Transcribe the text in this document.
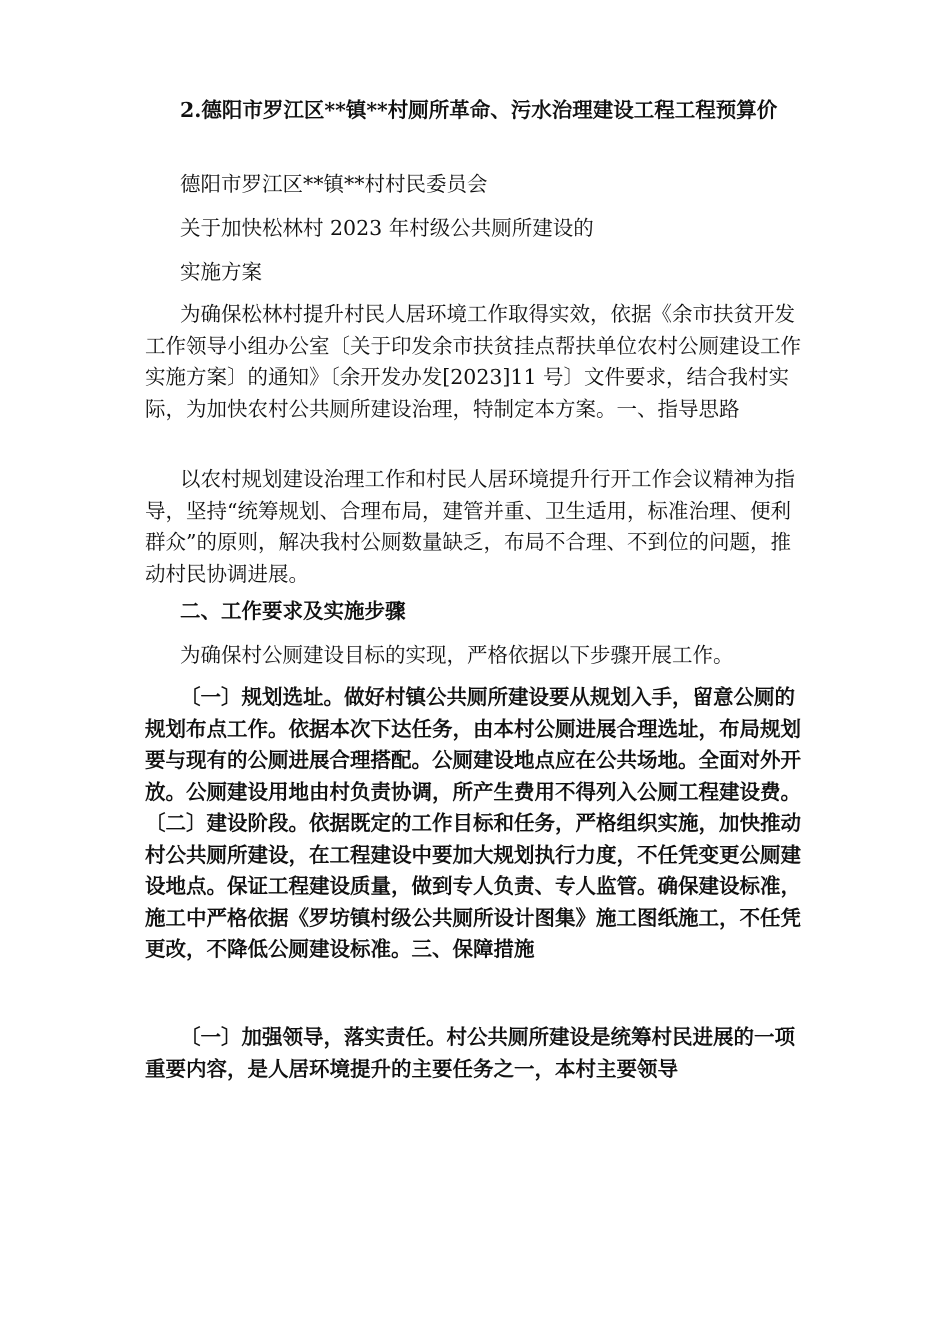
2.德阳市罗江区**镇**村厕所革命、污水治理建设工程工程预算价

德阳市罗江区**镇**村村民委员会

关于加快松林村 2023 年村级公共厕所建设的

实施方案

为确保松林村提升村民人居环境工作取得实效，依据《余市扶贫开发工作领导小组办公室〔关于印发余市扶贫挂点帮扶单位农村公厕建设工作实施方案〕的通知》〔余开发办发[2023]11 号〕文件要求，结合我村实际，为加快农村公共厕所建设治理，特制定本方案。一、指导思路

以农村规划建设治理工作和村民人居环境提升行开工作会议精神为指导，坚持“统筹规划、合理布局，建管并重、卫生适用，标准治理、便利群众”的原则，解决我村公厕数量缺乏，布局不合理、不到位的问题，推动村民协调进展。

二、工作要求及实施步骤

为确保村公厕建设目标的实现，严格依据以下步骤开展工作。

〔一〕规划选址。做好村镇公共厕所建设要从规划入手，留意公厕的规划布点工作。依据本次下达任务，由本村公厕进展合理选址，布局规划要与现有的公厕进展合理搭配。公厕建设地点应在公共场地。全面对外开放。公厕建设用地由村负责协调，所产生费用不得列入公厕工程建设费。〔二〕建设阶段。依据既定的工作目标和任务，严格组织实施，加快推动村公共厕所建设，在工程建设中要加大规划执行力度，不任凭变更公厕建设地点。保证工程建设质量，做到专人负责、专人监管。确保建设标准，施工中严格依据《罗坊镇村级公共厕所设计图集》施工图纸施工，不任凭更改，不降低公厕建设标准。三、保障措施

〔一〕加强领导，落实责任。村公共厕所建设是统筹村民进展的一项重要内容，是人居环境提升的主要任务之一，本村主要领导
